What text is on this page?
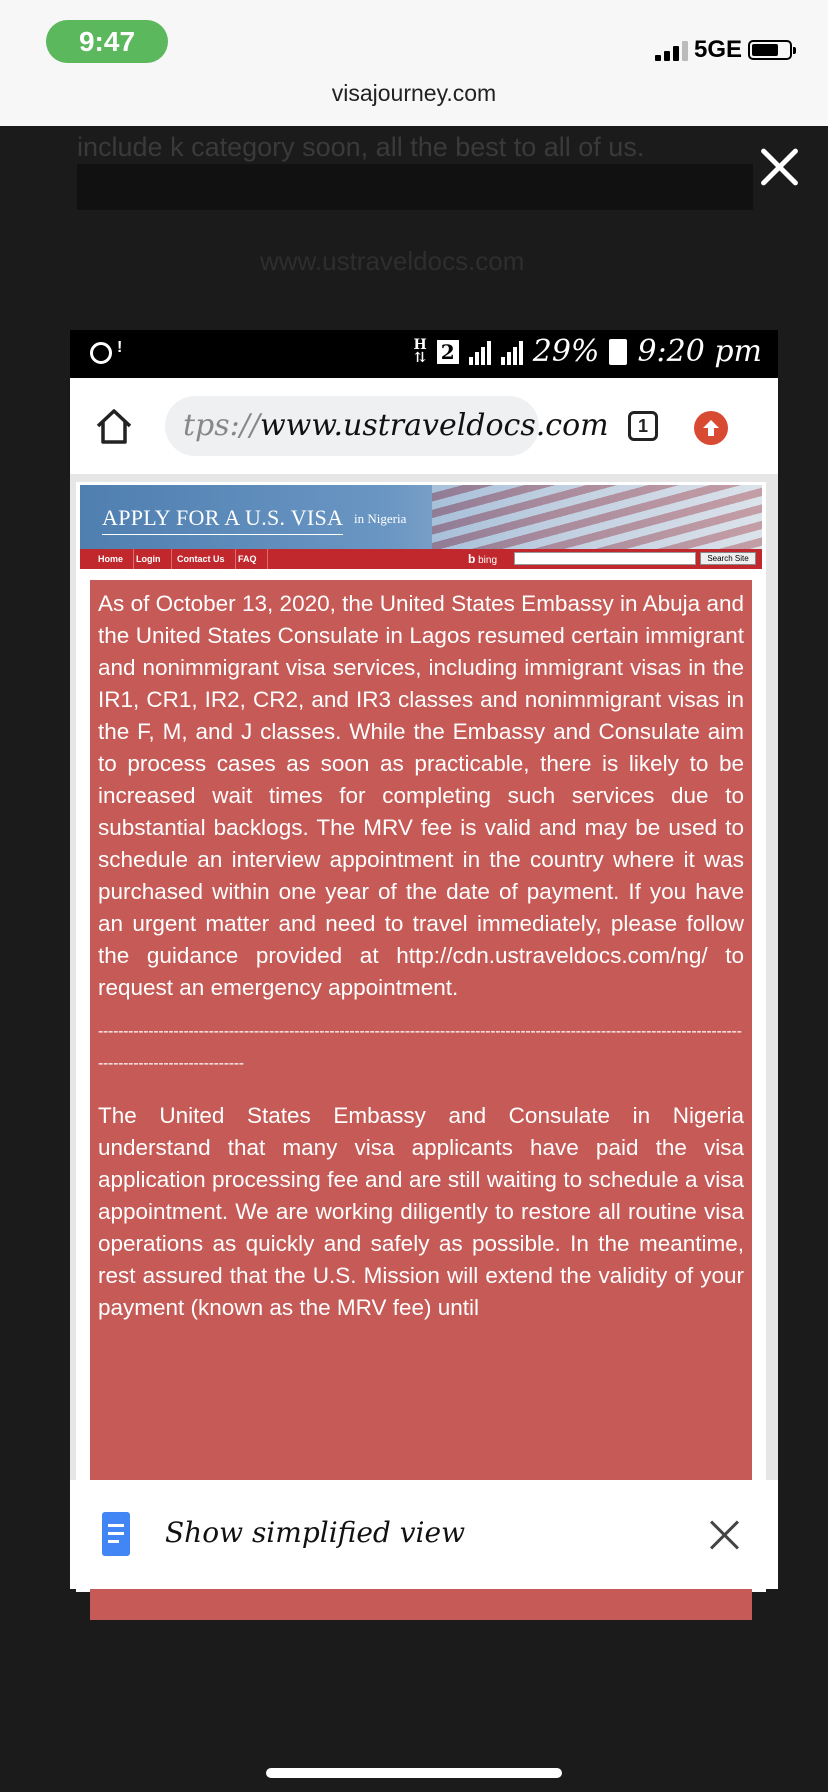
9:47	5GE
visajourney.com
include k category soon, all the best to all of us.
www.ustraveldocs.com
!
H
⇅ 2	29% 9:20 pm
tps://www.ustraveldocs.com	1
APPLY FOR A U.S. VISA in Nigeria
Home	Login	Contact Us	FAQ	b bing	Search Site

As of October 13, 2020, the United States Embassy in Abuja and the United States Consulate in Lagos resumed certain immigrant and nonimmigrant visa services, including immigrant visas in the IR1, CR1, IR2, CR2, and IR3 classes and nonimmigrant visas in the F, M, and J classes. While the Embassy and Consulate aim to process cases as soon as practicable, there is likely to be increased wait times for completing such services due to substantial backlogs. The MRV fee is valid and may be used to schedule an interview appointment in the country where it was purchased within one year of the date of payment. If you have an urgent matter and need to travel immediately, please follow the guidance provided at http://cdn.ustraveldocs.com/ng/ to request an emergency appointment.

-------------------------------------------------------------------------------------------------------------------------------------------------------------

The United States Embassy and Consulate in Nigeria understand that many visa applicants have paid the visa application processing fee and are still waiting to schedule a visa appointment. We are working diligently to restore all routine visa operations as quickly and safely as possible. In the meantime, rest assured that the U.S. Mission will extend the validity of your payment (known as the MRV fee) until

Show simplified view
